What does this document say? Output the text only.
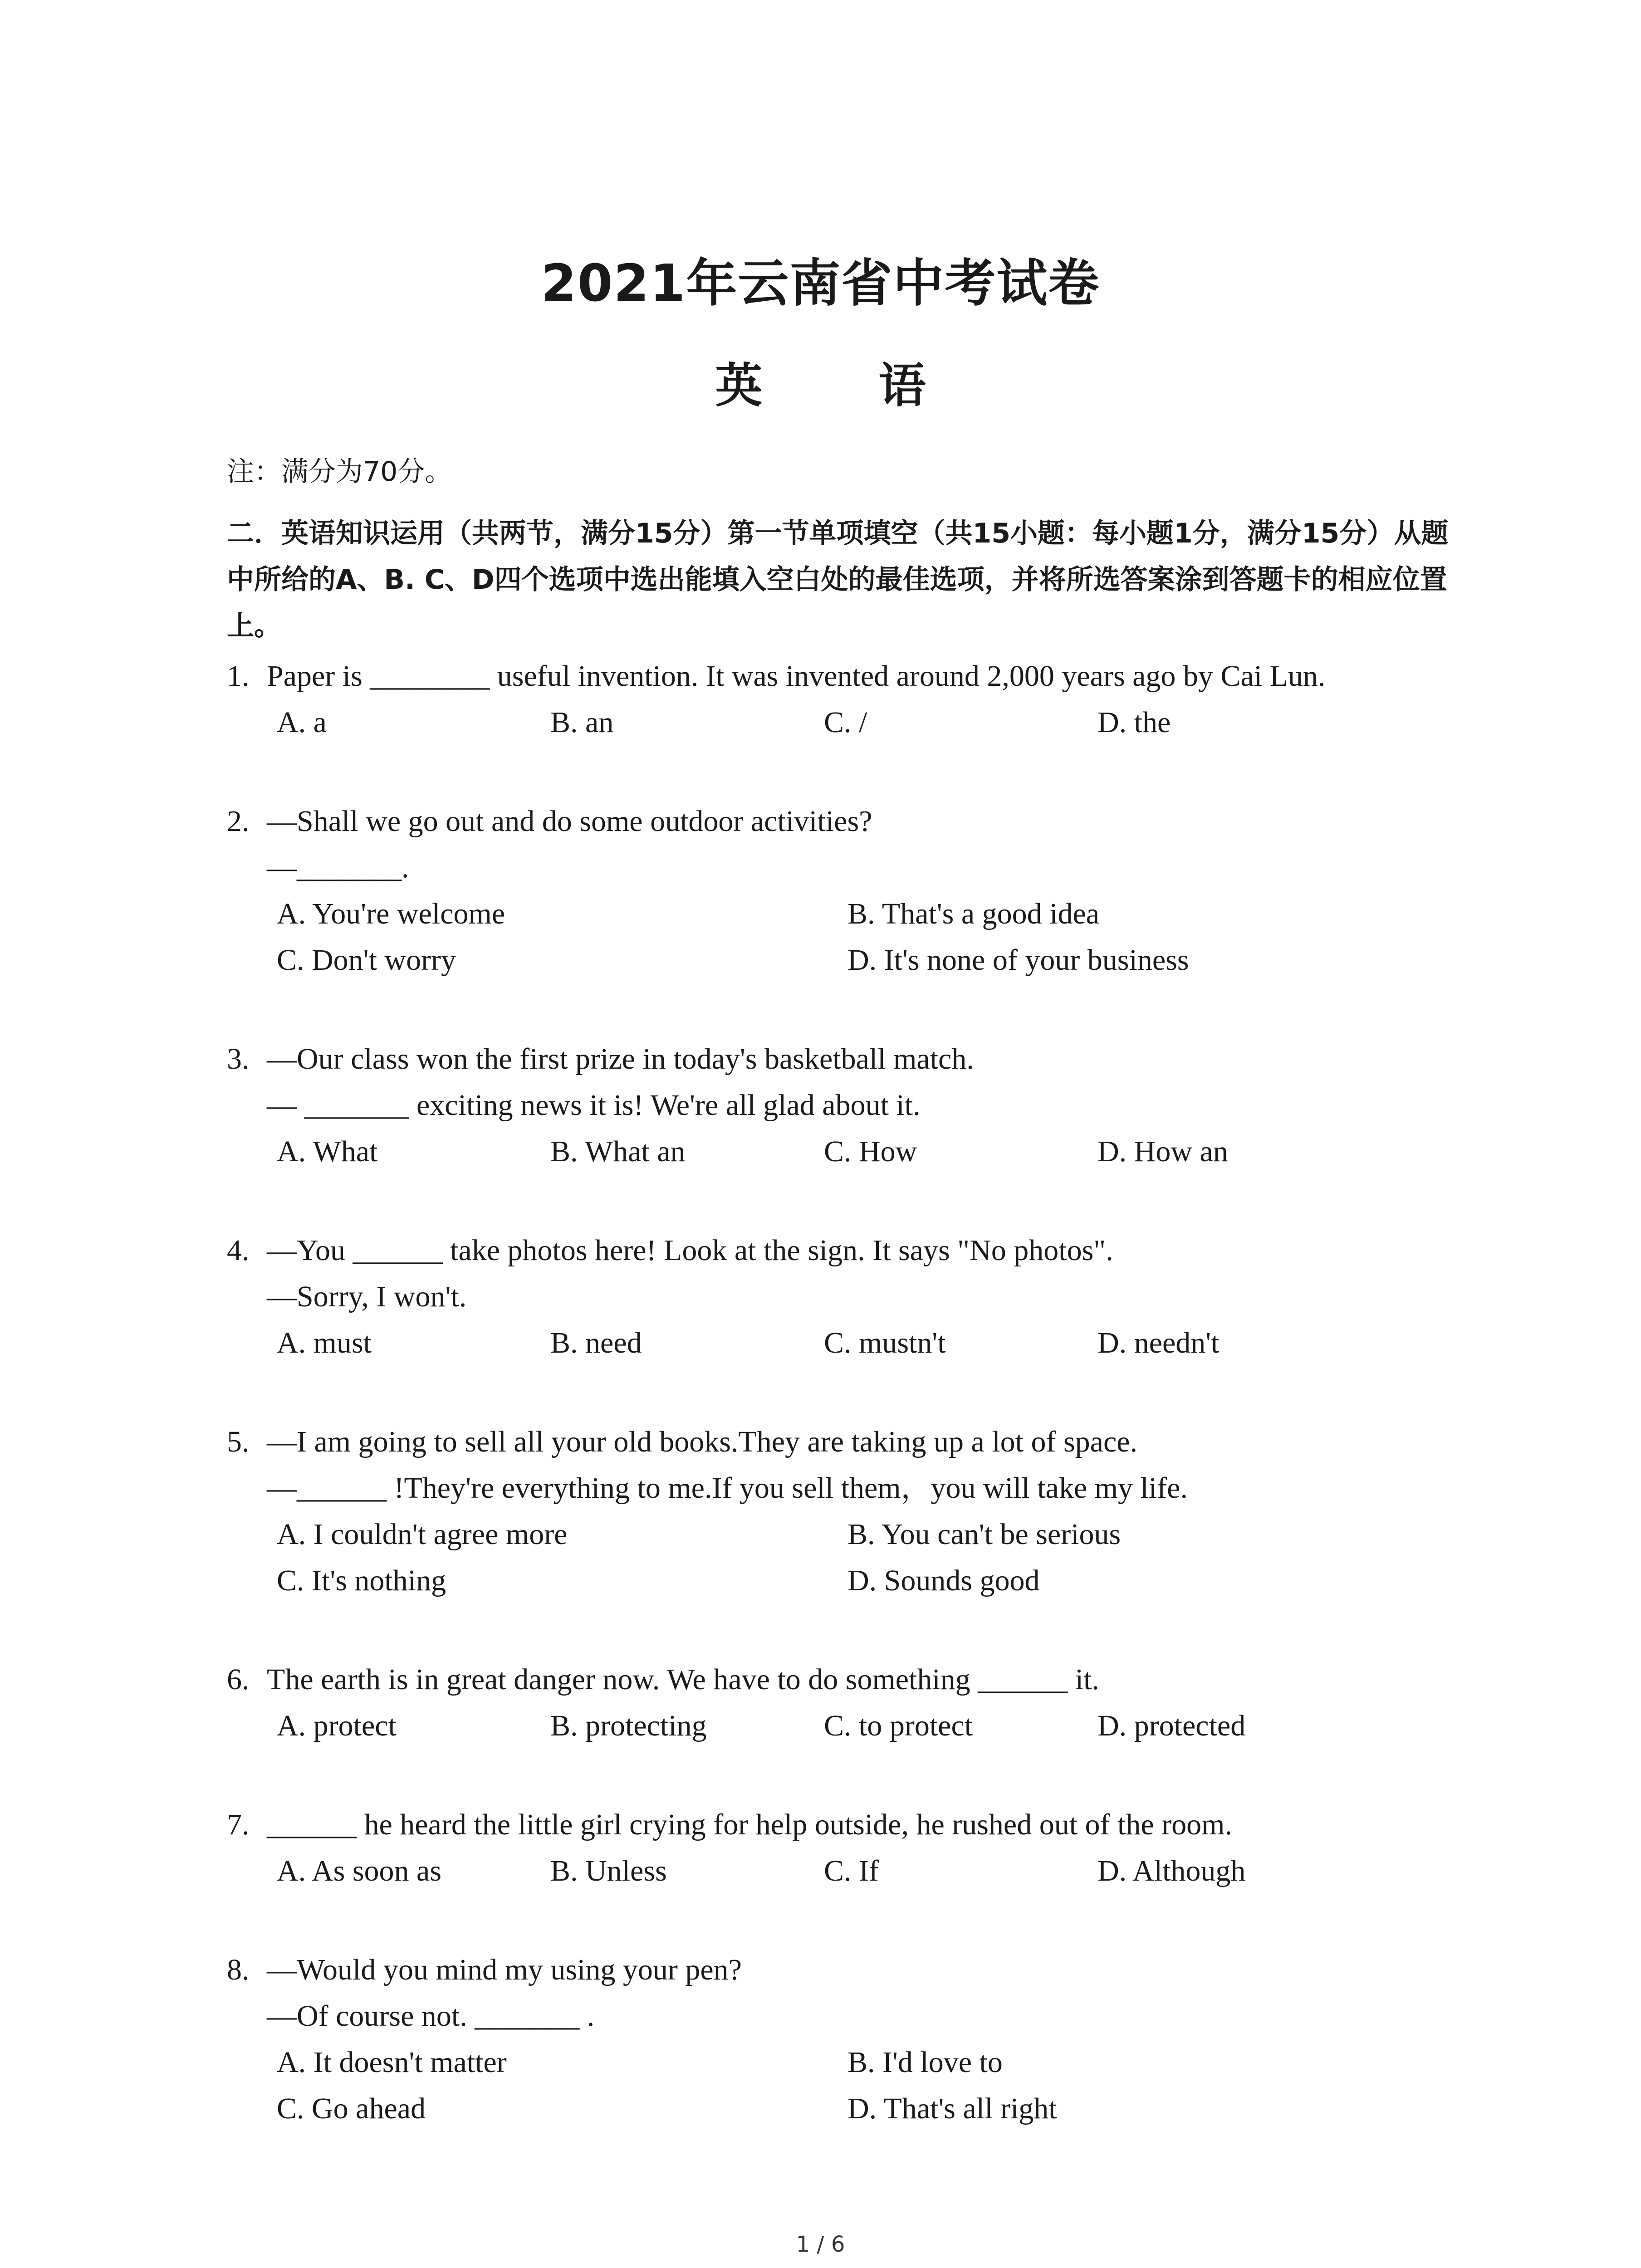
2021年云南省中考试卷
英 语
注：满分为70分。
二．英语知识运用（共两节，满分15分）第一节单项填空（共15小题：每小题1分，满分15分）从题中所给的A、B. C、D四个选项中选出能填入空白处的最佳选项，并将所选答案涂到答题卡的相应位置上。
1. Paper is ________ useful invention. It was invented around 2,000 years ago by Cai Lun.
A. a	B. an	C. /	D. the
2. —Shall we go out and do some outdoor activities?
—_______.
A. You're welcome	B. That's a good idea
C. Don't worry	D. It's none of your business
3. —Our class won the first prize in today's basketball match.
— _______ exciting news it is! We're all glad about it.
A. What	B. What an	C. How	D. How an
4. —You ______ take photos here! Look at the sign. It says "No photos".
—Sorry, I won't.
A. must	B. need	C. mustn't	D. needn't
5. —I am going to sell all your old books.They are taking up a lot of space.
—______ !They're everything to me.If you sell them，you will take my life.
A. I couldn't agree more	B. You can't be serious
C. It's nothing	D. Sounds good
6. The earth is in great danger now. We have to do something ______ it.
A. protect	B. protecting	C. to protect	D. protected
7. ______ he heard the little girl crying for help outside, he rushed out of the room.
A. As soon as	B. Unless	C. If	D. Although
8. —Would you mind my using your pen?
—Of course not. _______ .
A. It doesn't matter	B. I'd love to
C. Go ahead	D. That's all right
1 / 6
